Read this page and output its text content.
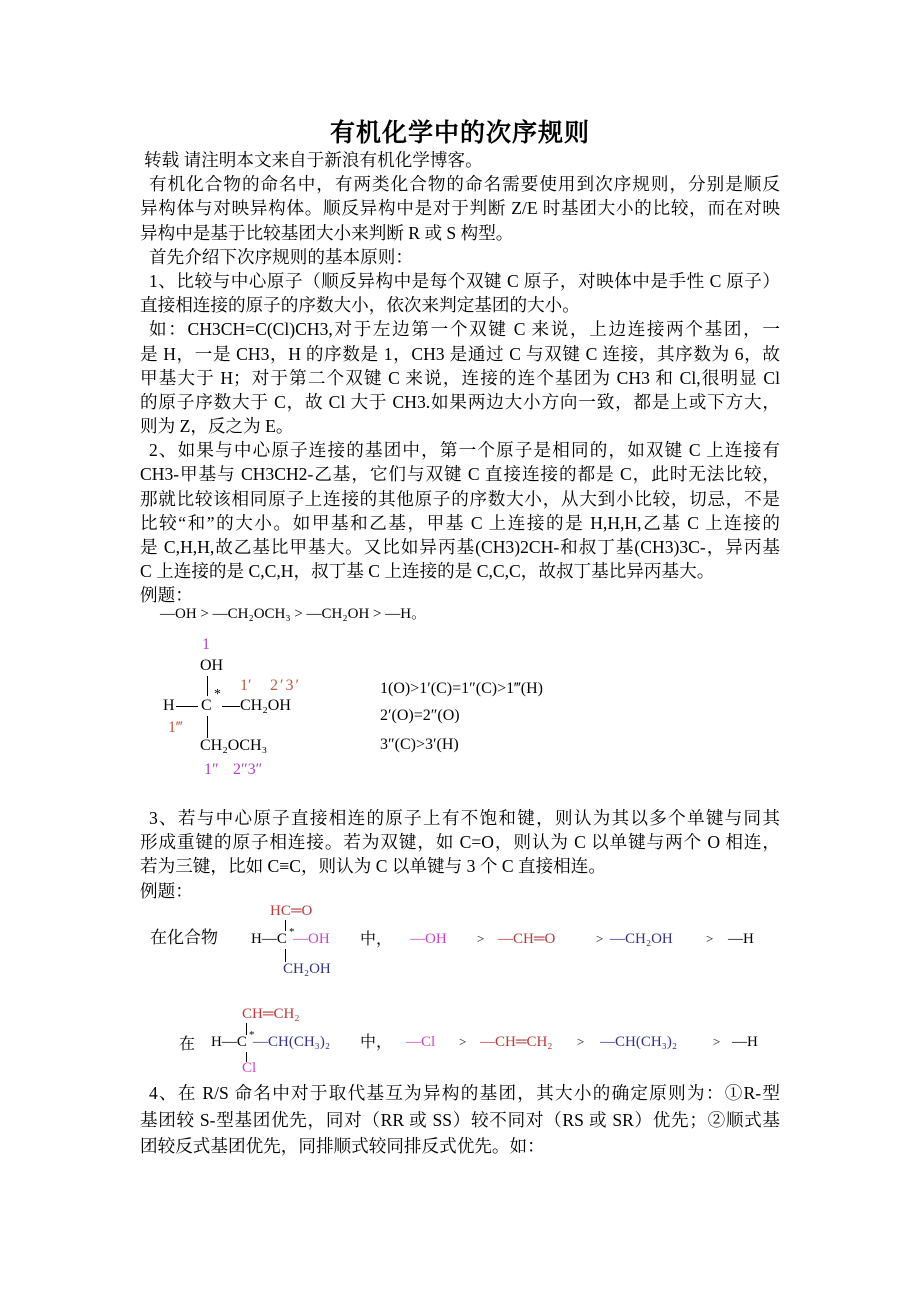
有机化学中的次序规则
转载 请注明本文来自于新浪有机化学博客。
有机化合物的命名中，有两类化合物的命名需要使用到次序规则，分别是顺反
异构体与对映异构体。顺反异构中是对于判断 Z/E 时基团大小的比较，而在对映
异构中是基于比较基团大小来判断 R 或 S 构型。
首先介绍下次序规则的基本原则：
1、比较与中心原子（顺反异构中是每个双键 C 原子，对映体中是手性 C 原子）
直接相连接的原子的序数大小，依次来判定基团的大小。
如：CH3CH=C(Cl)CH3,对于左边第一个双键 C 来说，上边连接两个基团，一
是 H，一是 CH3，H 的序数是 1，CH3 是通过 C 与双键 C 连接，其序数为 6，故
甲基大于 H；对于第二个双键 C 来说，连接的连个基团为 CH3 和 Cl,很明显 Cl
的原子序数大于 C，故 Cl 大于 CH3.如果两边大小方向一致，都是上或下方大，
则为 Z，反之为 E。
2、如果与中心原子连接的基团中，第一个原子是相同的，如双键 C 上连接有
CH3-甲基与 CH3CH2-乙基，它们与双键 C 直接连接的都是 C，此时无法比较，
那就比较该相同原子上连接的其他原子的序数大小，从大到小比较，切忌，不是
比较“和”的大小。如甲基和乙基，甲基 C 上连接的是 H,H,H,乙基 C 上连接的
是 C,H,H,故乙基比甲基大。又比如异丙基(CH3)2CH-和叔丁基(CH3)3C-，异丙基
C 上连接的是 C,C,H，叔丁基 C 上连接的是 C,C,C，故叔丁基比异丙基大。
例题：
—OH > —CH₂OCH₃ > —CH₂OH > —H。
1
OH
1′ 2′3′
H C
*
CH₂OH
1‴
CH₂OCH₃
1″ 2″3″
1(O)>1′(C)=1″(C)>1‴(H)
2′(O)=2″(O)
3″(C)>3′(H)
3、若与中心原子直接相连的原子上有不饱和键，则认为其以多个单键与同其
形成重键的原子相连接。若为双键，如 C=O，则认为 C 以单键与两个 O 相连，
若为三键，比如 C≡C，则认为 C 以单键与 3 个 C 直接相连。
例题：
在化合物
HC═O
H—C *
—OH
CH₂OH
中， —OH > —CH═O	> —CH₂OH	> —H
在
CH═CH₂
H—C *
—CH(CH₃)₂
Cl
中， —Cl > —CH═CH₂ > —CH(CH₃)₂	> —H
4、在 R/S 命名中对于取代基互为异构的基团，其大小的确定原则为：①R-型
基团较 S-型基团优先，同对（RR 或 SS）较不同对（RS 或 SR）优先；②顺式基
团较反式基团优先，同排顺式较同排反式优先。如：
